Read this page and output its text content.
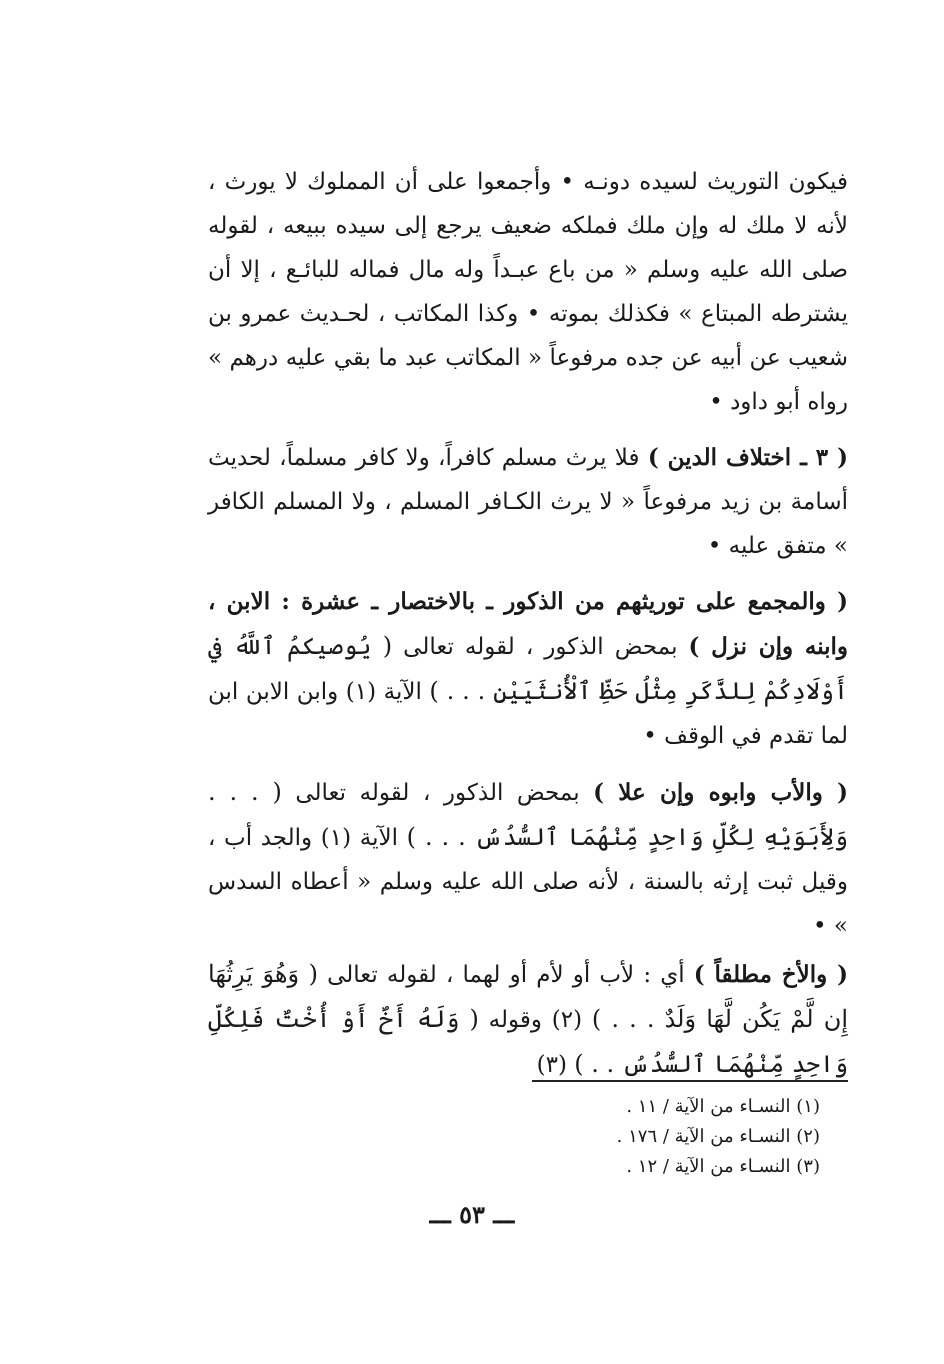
فيكون التوريث لسيده دونـه • وأجمعوا على أن المملوك لا يورث ، لأنه لا ملك له وإن ملك فملكه ضعيف يرجع إلى سيده ببيعه ، لقوله صلى الله عليه وسلم « من باع عبـداً وله مال فماله للبائـع ، إلا أن يشترطه المبتاع » فكذلك بموته • وكذا المكاتب ، لحـديث عمرو بن شعيب عن أبيه عن جده مرفوعاً « المكاتب عبد ما بقي عليه درهم » رواه أبو داود •

( ٣ ـ اختلاف الدين ) فلا يرث مسلم كافراً، ولا كافر مسلماً، لحديث أسامة بن زيد مرفوعاً « لا يرث الكـافر المسلم ، ولا المسلم الكافر » متفق عليه •

( والمجمع على توريثهم من الذكور ـ بالاختصار ـ عشرة : الابن ، وابنه وإن نزل ) بمحض الذكور ، لقوله تعالى ( يُوصيكمُ ٱللَّهُ في أَوْلَادِكُمْ لِلذَّكَرِ مِثْلُ حَظِّ ٱلْأُنثَيَيْنِ . . . ) الآية (١) وابن الابن ابن لما تقدم في الوقف •

( والأب وابوه وإن علا ) بمحض الذكور ، لقوله تعالى ( . . . وَلِأَبَوَيْهِ لِكُلِّ وَاحِدٍ مِّنْهُمَا ٱلسُّدُسُ . . . ) الآية (١) والجد أب ، وقيل ثبت إرثه بالسنة ، لأنه صلى الله عليه وسلم « أعطاه السدس » •

( والأخ مطلقاً ) أي : لأب أو لأم أو لهما ، لقوله تعالى ( وَهُوَ يَرِثُهَا إِن لَّمْ يَكُن لَّهَا وَلَدٌ . . . ) (٢) وقوله ( وَلَهُ أَخٌ أَوْ أُخْتٌ فَلِكُلِّ وَاحِدٍ مِّنْهُمَا ٱلسُّدُسُ . . ) (٣)

(١) النسـاء من الآية / ١١ .

(٢) النسـاء من الآية / ١٧٦ .

(٣) النسـاء من الآية / ١٢ .

ـــ ٥٣ ـــ
